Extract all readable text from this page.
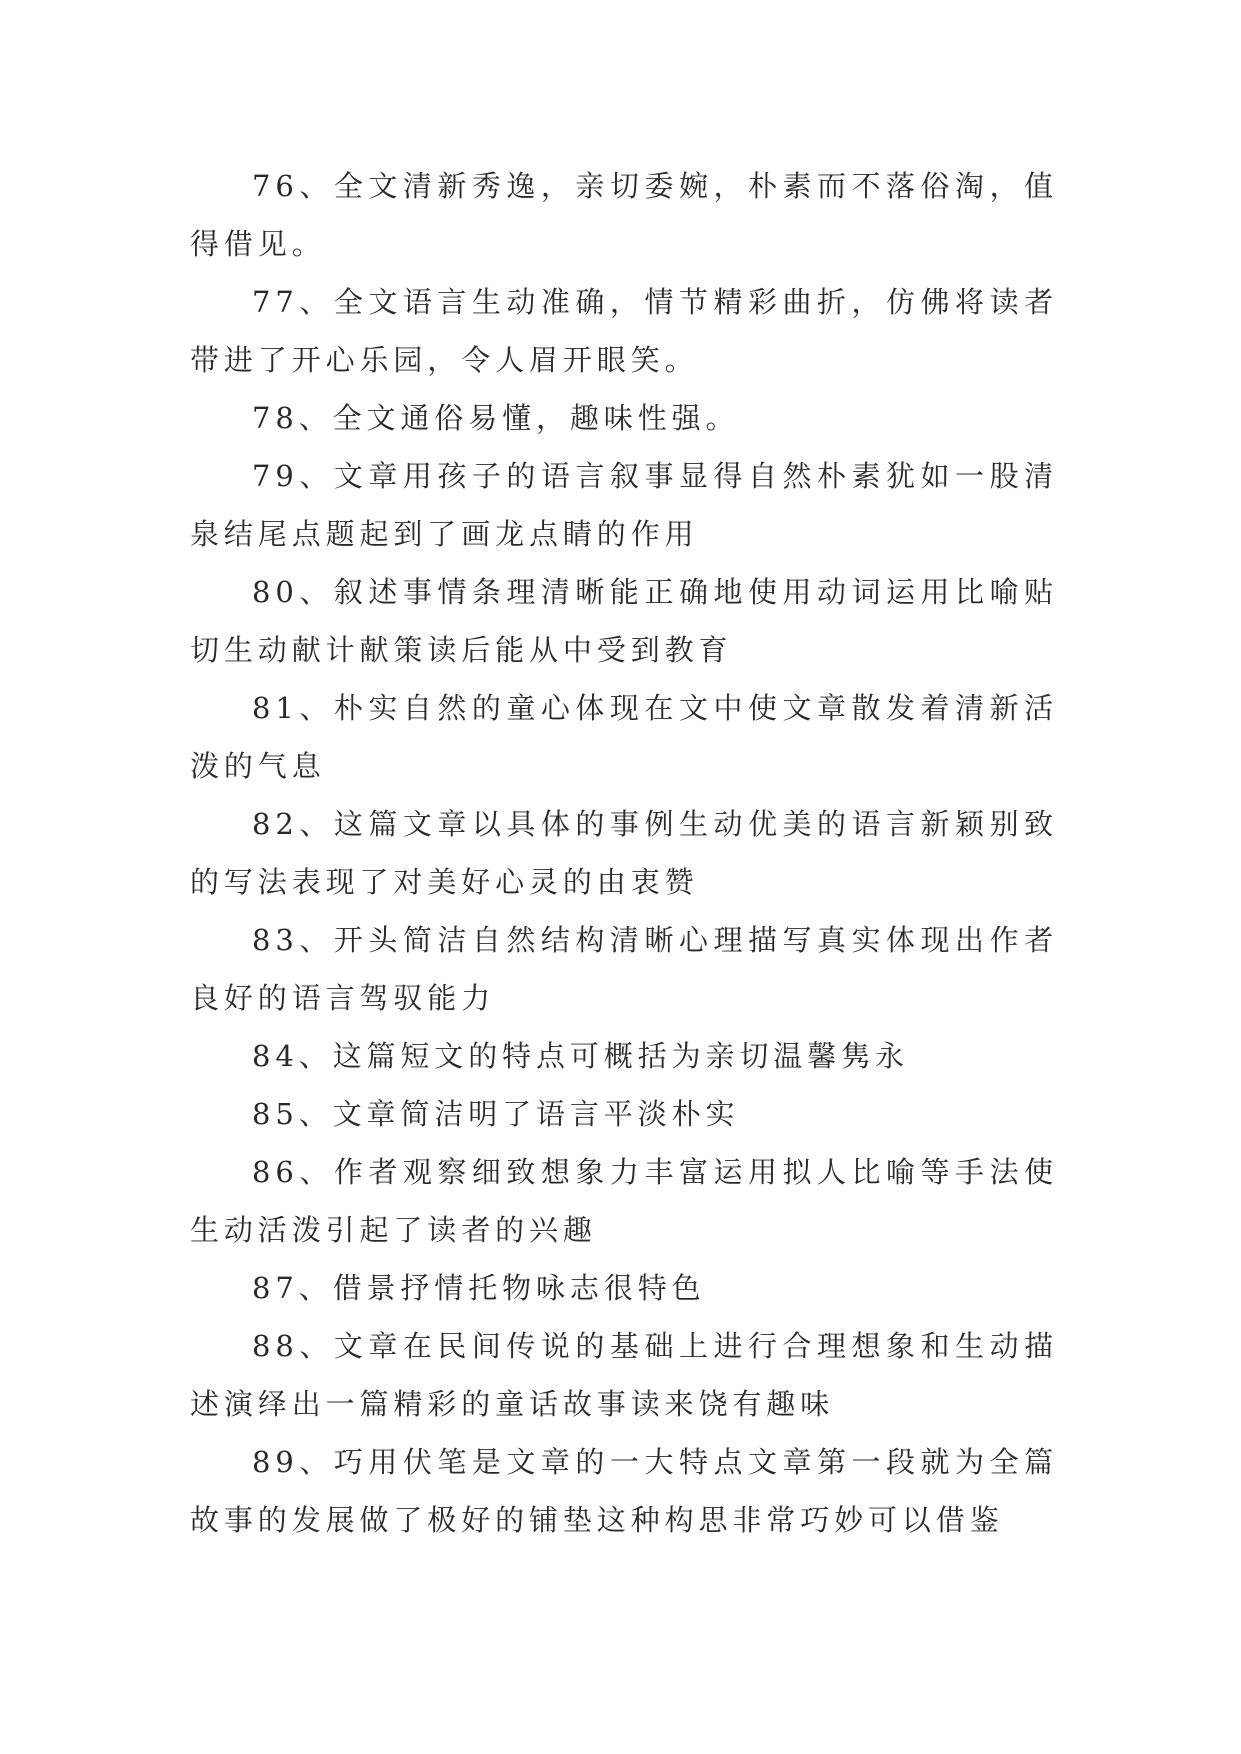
76、全文清新秀逸，亲切委婉，朴素而不落俗淘，值得借见。

77、全文语言生动准确，情节精彩曲折，仿佛将读者带进了开心乐园，令人眉开眼笑。

78、全文通俗易懂，趣味性强。

79、文章用孩子的语言叙事显得自然朴素犹如一股清泉结尾点题起到了画龙点睛的作用

80、叙述事情条理清晰能正确地使用动词运用比喻贴切生动献计献策读后能从中受到教育

81、朴实自然的童心体现在文中使文章散发着清新活泼的气息

82、这篇文章以具体的事例生动优美的语言新颖别致的写法表现了对美好心灵的由衷赞

83、开头简洁自然结构清晰心理描写真实体现出作者良好的语言驾驭能力

84、这篇短文的特点可概括为亲切温馨隽永

85、文章简洁明了语言平淡朴实

86、作者观察细致想象力丰富运用拟人比喻等手法使生动活泼引起了读者的兴趣

87、借景抒情托物咏志很特色

88、文章在民间传说的基础上进行合理想象和生动描述演绎出一篇精彩的童话故事读来饶有趣味

89、巧用伏笔是文章的一大特点文章第一段就为全篇故事的发展做了极好的铺垫这种构思非常巧妙可以借鉴
